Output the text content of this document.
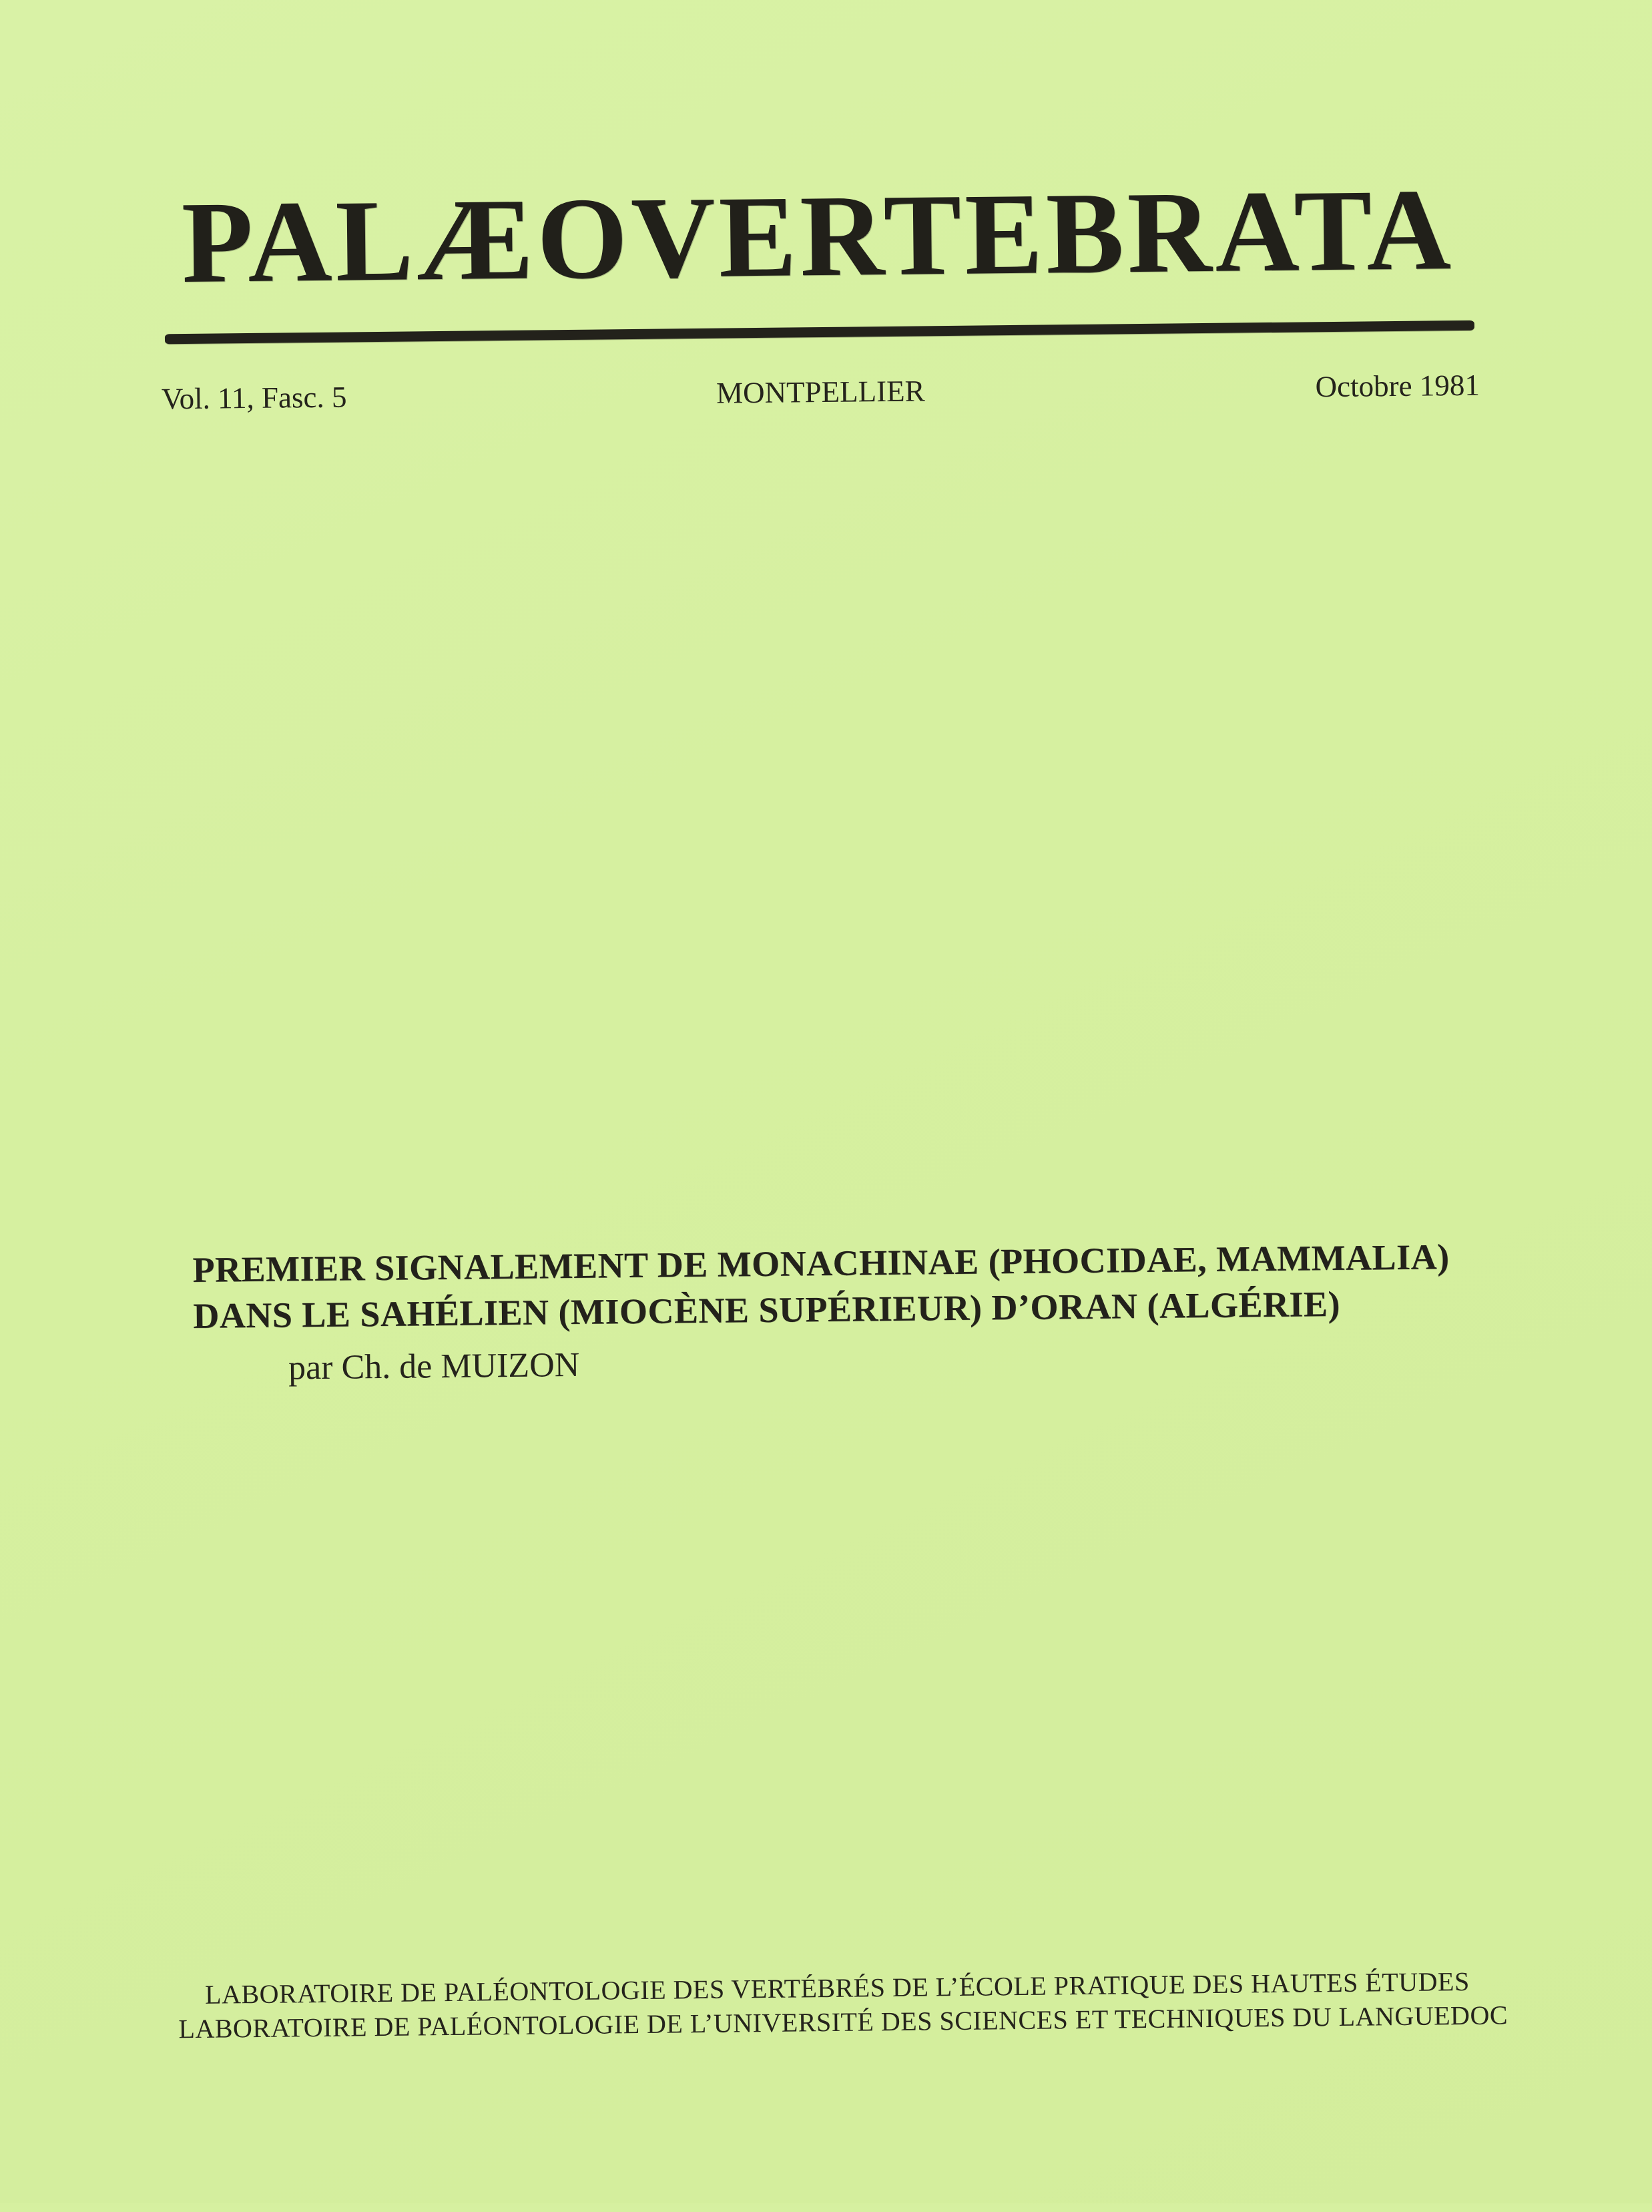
PALÆOVERTEBRATA
Vol. 11, Fasc. 5	MONTPELLIER	Octobre 1981

PREMIER SIGNALEMENT DE MONACHINAE (PHOCIDAE, MAMMALIA)
DANS LE SAHÉLIEN (MIOCÈNE SUPÉRIEUR) D’ORAN (ALGÉRIE)

par Ch. de MUIZON
LABORATOIRE DE PALÉONTOLOGIE DES VERTÉBRÉS DE L’ÉCOLE PRATIQUE DES HAUTES ÉTUDES
LABORATOIRE DE PALÉONTOLOGIE DE L’UNIVERSITÉ DES SCIENCES ET TECHNIQUES DU LANGUEDOC
